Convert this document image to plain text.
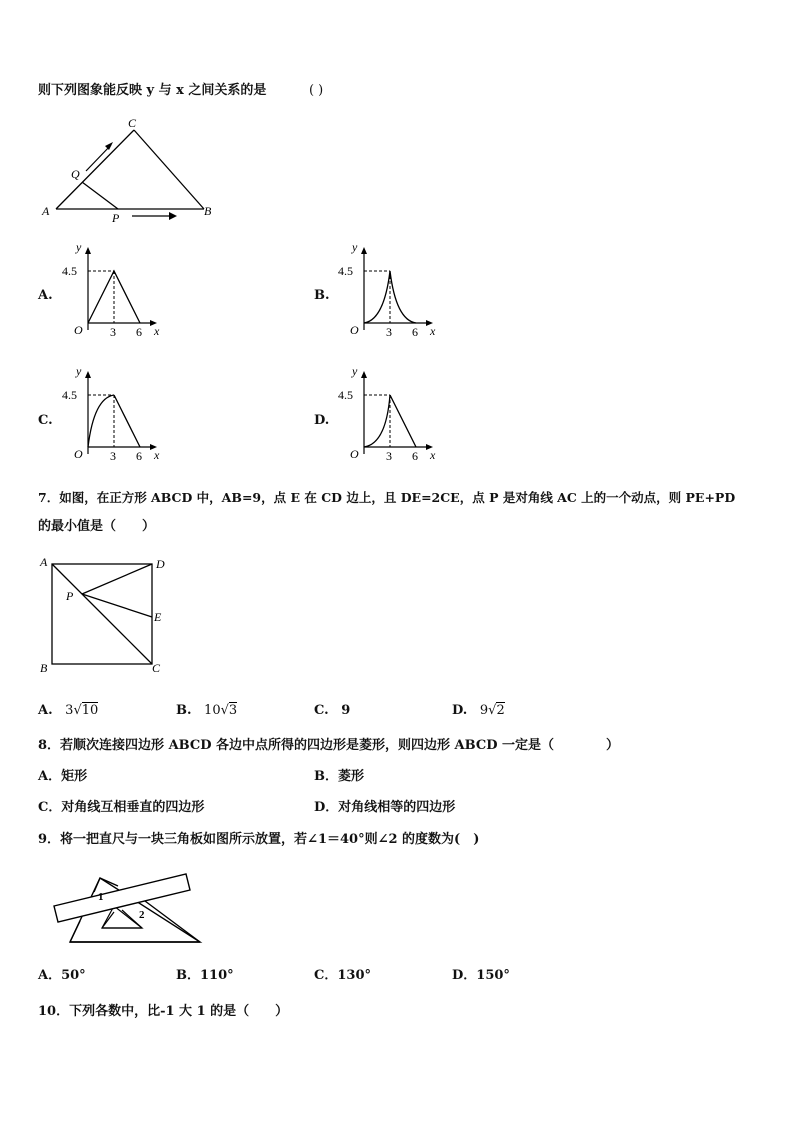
则下列图象能反映 y 与 x 之间关系的是	( )
A
C
B
Q
P
A.	B.
C.	D.
y
x
4.5
O 3 6
y
x
4.5
O 3 6
y
x
4.5
O 3 6
y
x
4.5
O 3 6
7．如图，在正方形 ABCD 中，AB=9，点 E 在 CD 边上，且 DE=2CE，点 P 是对角线 AC 上的一个动点，则 PE+PD
的最小值是（　　）
A	D
B	C
E
P
A. 3√10	B. 10√3	C. 9	D. 9√2
8．若顺次连接四边形 ABCD 各边中点所得的四边形是菱形，则四边形 ABCD 一定是（　　　　）
A．矩形	B．菱形
C．对角线互相垂直的四边形	D．对角线相等的四边形
9．将一把直尺与一块三角板如图所示放置，若∠1＝40°则∠2 的度数为(　)
1
2
A．50°	B．110°	C．130°	D．150°
10．下列各数中，比-1 大 1 的是（　　）
